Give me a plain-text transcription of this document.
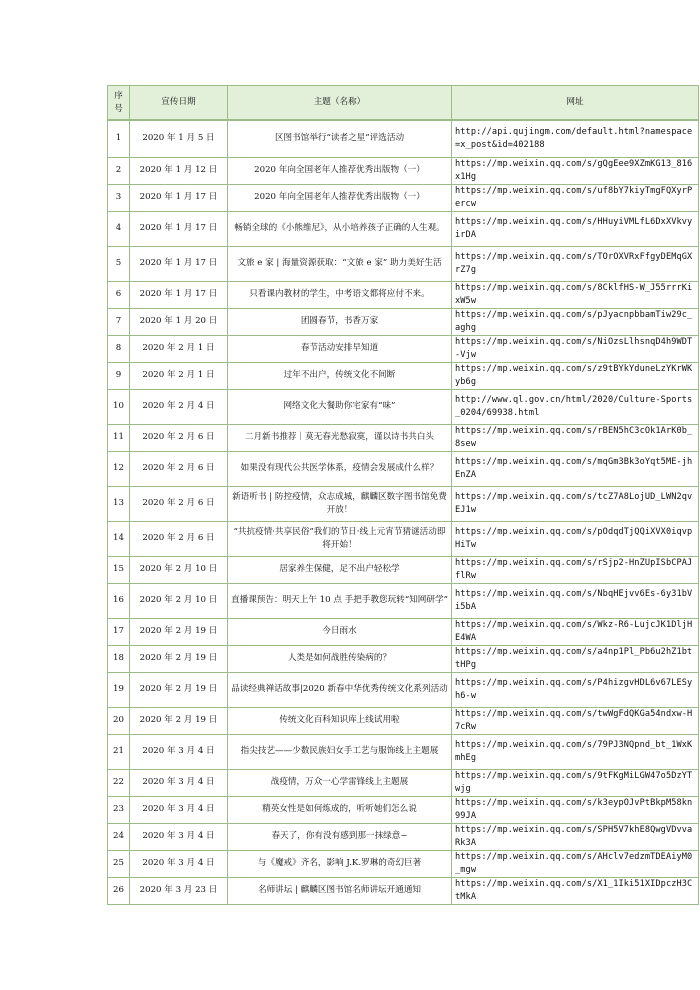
序号	宣传日期	主题（名称）	网址
1	2020 年 1 月 5 日	区图书馆举行“读者之星”评选活动	http://api.qujingm.com/default.html?namespace=x_post&id=402188
2	2020 年 1 月 12 日	2020 年向全国老年人推荐优秀出版物（一）	https://mp.weixin.qq.com/s/gQgEee9XZmKG13_816x1Hg
3	2020 年 1 月 17 日	2020 年向全国老年人推荐优秀出版物（一）	https://mp.weixin.qq.com/s/uf8bY7kiyTmgFQXyrPercw
4	2020 年 1 月 17 日	畅销全球的《小熊维尼》，从小培养孩子正确的人生观。	https://mp.weixin.qq.com/s/HHuyiVMLfL6DxXVkvyirDA
5	2020 年 1 月 17 日	文旅 e 家 | 海量资源获取：“文旅 e 家” 助力美好生活	https://mp.weixin.qq.com/s/TOrOXVRxFfgyDEMqGXrZ7g
6	2020 年 1 月 17 日	只看课内教材的学生，中考语文都将应付不来。	https://mp.weixin.qq.com/s/8CklfHS-W_J55rrrKixW5w
7	2020 年 1 月 20 日	团圆春节，书香万家	https://mp.weixin.qq.com/s/pJyacnpbbamTiw29c_aghg
8	2020 年 2 月 1 日	春节活动安排早知道	https://mp.weixin.qq.com/s/NiOzsLlhsnqD4h9WDT-Vjw
9	2020 年 2 月 1 日	过年不出户，传统文化不间断	https://mp.weixin.qq.com/s/z9tBYkYduneLzYKrWKyb6g
10	2020 年 2 月 4 日	网络文化大餐助你宅家有“味”	http://www.ql.gov.cn/html/2020/Culture-Sports_0204/69938.html
11	2020 年 2 月 6 日	二月新书推荐｜莫无春光愁寂寞，谨以诗书共白头	https://mp.weixin.qq.com/s/rBEN5hC3cOk1ArK0b_8sew
12	2020 年 2 月 6 日	如果没有现代公共医学体系，疫情会发展成什么样？	https://mp.weixin.qq.com/s/mqGm3Bk3oYqt5ME-jhEnZA
13	2020 年 2 月 6 日	新语听书 | 防控疫情，众志成城，麒麟区数字图书馆免费开放！	https://mp.weixin.qq.com/s/tcZ7A8LojUD_LWN2qvEJ1w
14	2020 年 2 月 6 日	“共抗疫情·共享民俗”我们的节日·线上元宵节猜谜活动即将开始！	https://mp.weixin.qq.com/s/pOdqdTjQQiXVX0iqvpHiTw
15	2020 年 2 月 10 日	居家养生保健，足不出户轻松学	https://mp.weixin.qq.com/s/rSjp2-HnZUpISbCPAJflRw
16	2020 年 2 月 10 日	直播课预告：明天上午 10 点 手把手教您玩转“知网研学”	https://mp.weixin.qq.com/s/NbqHEjvv6Es-6y31bVi5bA
17	2020 年 2 月 19 日	今日雨水	https://mp.weixin.qq.com/s/Wkz-R6-LujcJK1DljHE4WA
18	2020 年 2 月 19 日	人类是如何战胜传染病的？	https://mp.weixin.qq.com/s/a4np1Pl_Pb6u2hZ1bttHPg
19	2020 年 2 月 19 日	品读经典禅话故事|2020 新春中华优秀传统文化系列活动	https://mp.weixin.qq.com/s/P4hizgvHDL6v67LESyh6-w
20	2020 年 2 月 19 日	传统文化百科知识库上线试用啦	https://mp.weixin.qq.com/s/twWgFdQKGa54ndxw-H7cRw
21	2020 年 3 月 4 日	指尖技艺——少数民族妇女手工艺与服饰线上主题展	https://mp.weixin.qq.com/s/79PJ3NQpnd_bt_1WxKmhEg
22	2020 年 3 月 4 日	战疫情，万众一心学雷锋线上主题展	https://mp.weixin.qq.com/s/9tFKgMiLGW47o5DzYTwjg
23	2020 年 3 月 4 日	精英女性是如何炼成的，听听她们怎么说	https://mp.weixin.qq.com/s/k3eypOJvPtBkpM58kn99JA
24	2020 年 3 月 4 日	春天了，你有没有感到那一抹绿意~	https://mp.weixin.qq.com/s/SPH5V7khE8QwgVDvvaRk3A
25	2020 年 3 月 4 日	与《魔戒》齐名，影响 J.K.罗琳的奇幻巨著	https://mp.weixin.qq.com/s/AHclv7edzmTDEAiyM0_mgw
26	2020 年 3 月 23 日	名师讲坛 | 麒麟区图书馆名师讲坛开通通知	https://mp.weixin.qq.com/s/X1_1Iki51XIDpczH3CtMkA
